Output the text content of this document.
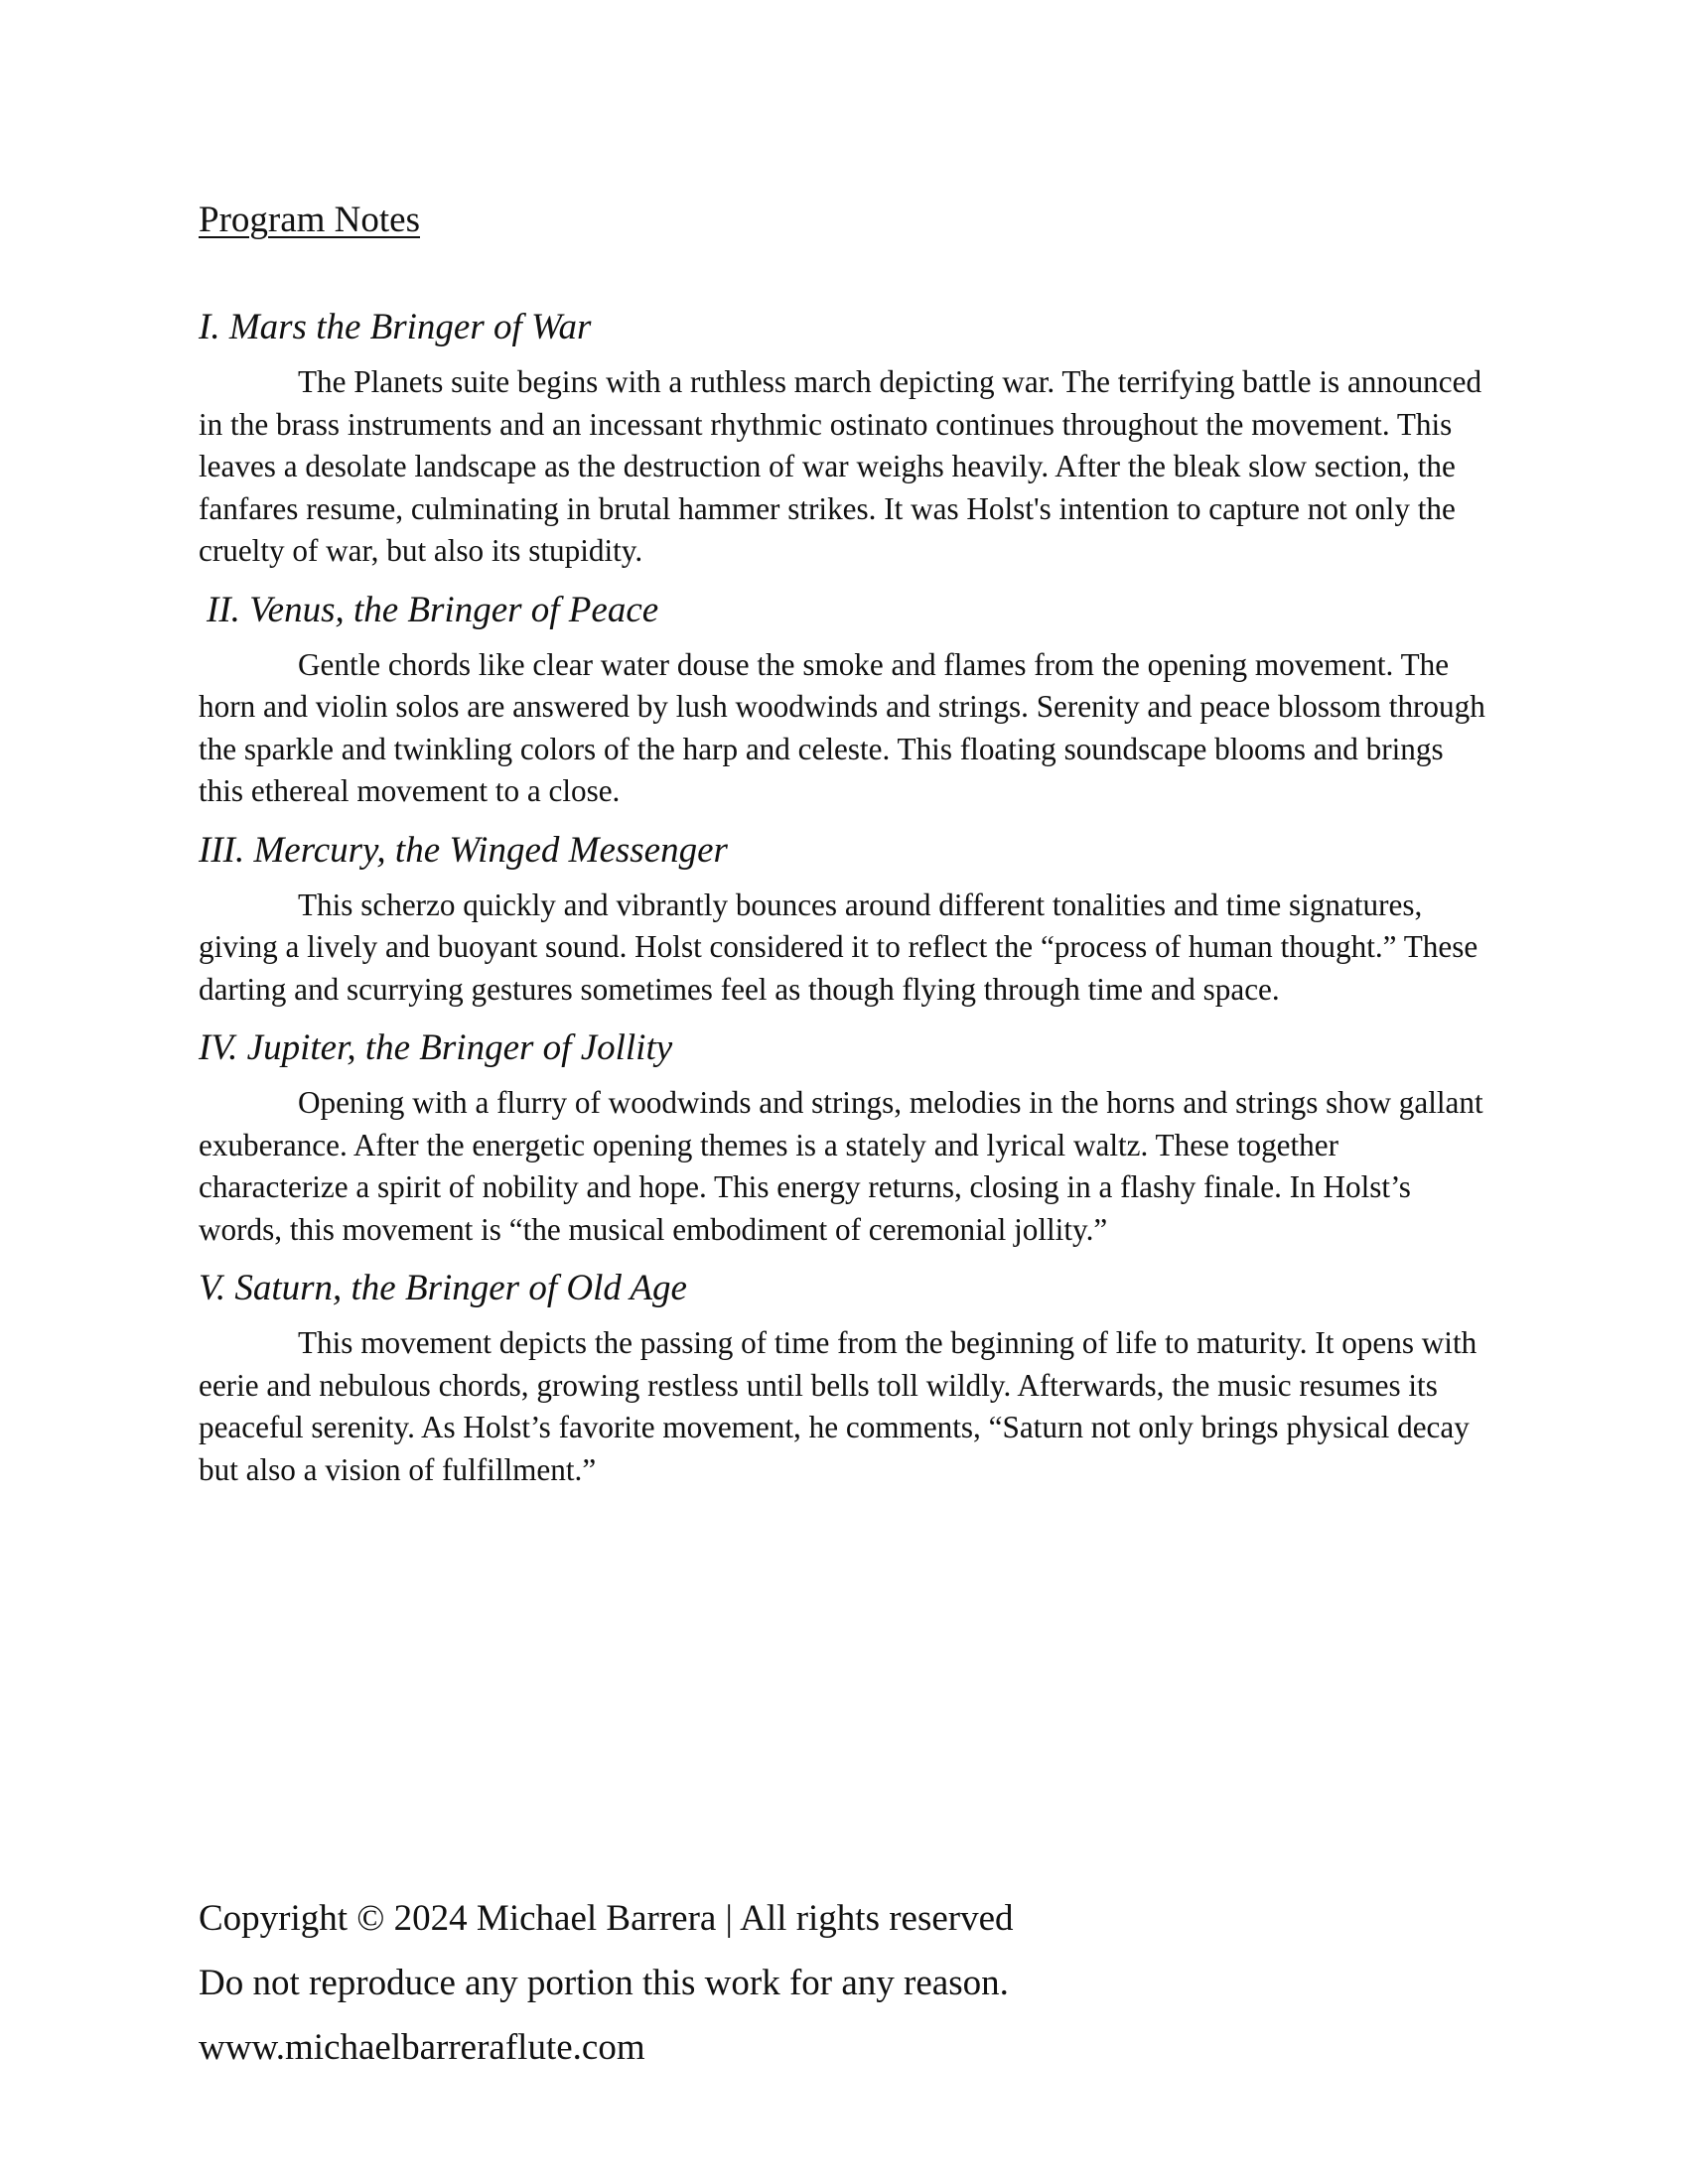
Program Notes
I. Mars the Bringer of War

The Planets suite begins with a ruthless march depicting war. The terrifying battle is announced in the brass instruments and an incessant rhythmic ostinato continues throughout the movement. This leaves a desolate landscape as the destruction of war weighs heavily. After the bleak slow section, the fanfares resume, culminating in brutal hammer strikes. It was Holst's intention to capture not only the cruelty of war, but also its stupidity.

II. Venus, the Bringer of Peace

Gentle chords like clear water douse the smoke and flames from the opening movement. The horn and violin solos are answered by lush woodwinds and strings. Serenity and peace blossom through the sparkle and twinkling colors of the harp and celeste. This floating soundscape blooms and brings this ethereal movement to a close.

III. Mercury, the Winged Messenger

This scherzo quickly and vibrantly bounces around different tonalities and time signatures, giving a lively and buoyant sound. Holst considered it to reflect the “process of human thought.” These darting and scurrying gestures sometimes feel as though flying through time and space.

IV. Jupiter, the Bringer of Jollity

Opening with a flurry of woodwinds and strings, melodies in the horns and strings show gallant exuberance. After the energetic opening themes is a stately and lyrical waltz. These together characterize a spirit of nobility and hope. This energy returns, closing in a flashy finale. In Holst’s words, this movement is “the musical embodiment of ceremonial jollity.”

V. Saturn, the Bringer of Old Age

This movement depicts the passing of time from the beginning of life to maturity. It opens with eerie and nebulous chords, growing restless until bells toll wildly. Afterwards, the music resumes its peaceful serenity. As Holst’s favorite movement, he comments, “Saturn not only brings physical decay but also a vision of fulfillment.”

Copyright © 2024 Michael Barrera | All rights reserved

Do not reproduce any portion this work for any reason.

www.michaelbarreraflute.com
